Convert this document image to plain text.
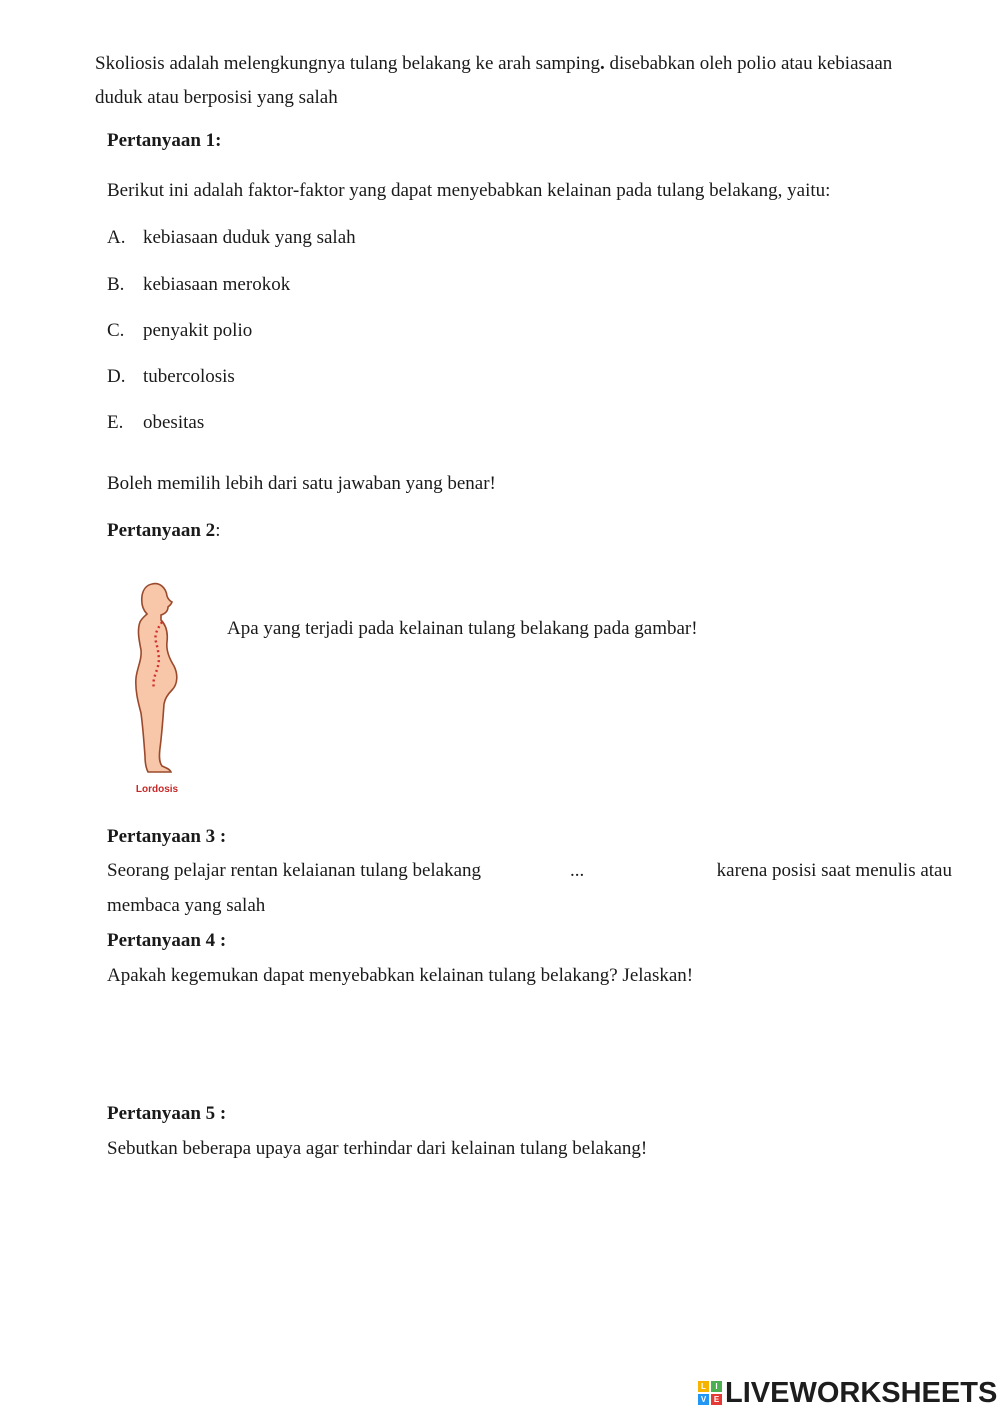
Skoliosis adalah melengkungnya tulang belakang ke arah samping. disebabkan oleh polio atau kebiasaan
duduk atau berposisi yang salah
Pertanyaan 1:
Berikut ini adalah faktor-faktor yang dapat menyebabkan kelainan pada tulang belakang, yaitu:
A. kebiasaan duduk yang salah
B. kebiasaan merokok
C. penyakit polio
D. tubercolosis
E. obesitas
Boleh memilih lebih dari satu jawaban yang benar!
Pertanyaan 2:
Lordosis
Apa yang terjadi pada kelainan tulang belakang pada gambar!
Pertanyaan 3 :
Seorang pelajar rentan kelaianan tulang belakang	...	karena posisi saat menulis atau
membaca yang salah
Pertanyaan 4 :
Apakah kegemukan dapat menyebabkan kelainan tulang belakang? Jelaskan!
Pertanyaan 5 :
Sebutkan beberapa upaya agar terhindar dari kelainan tulang belakang!
L	I
V E LIVEWORKSHEETS
